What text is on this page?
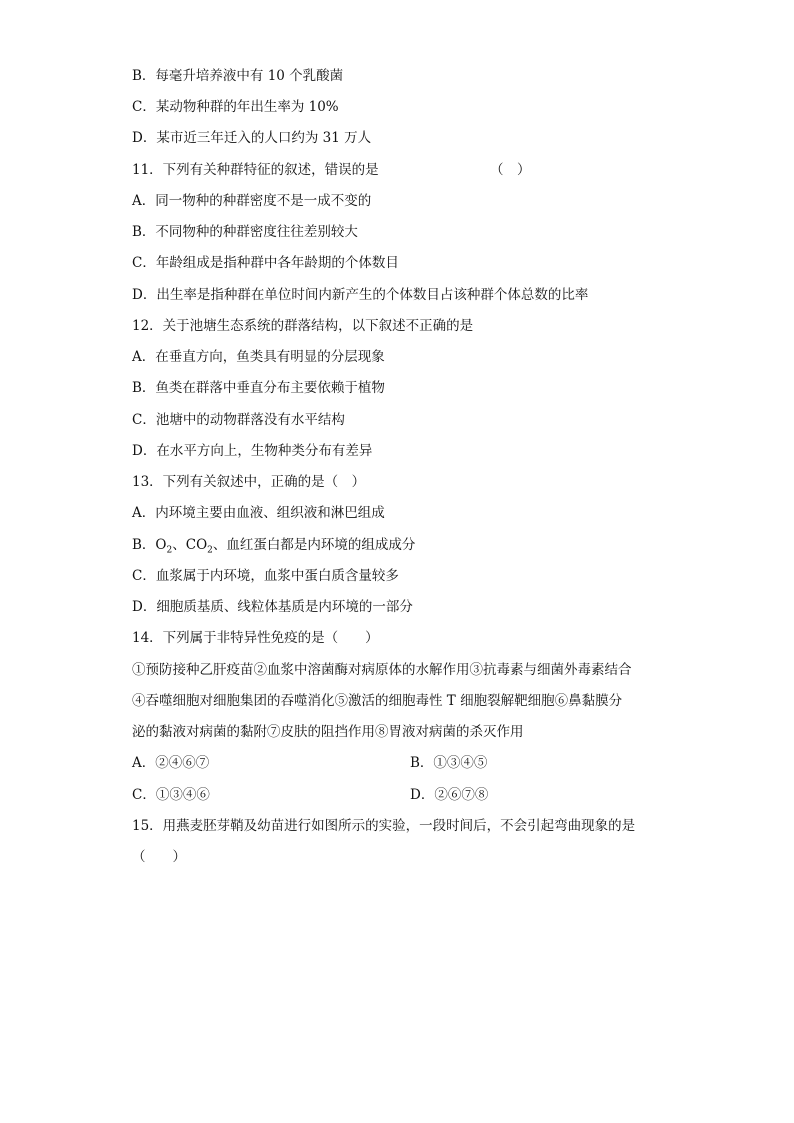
B．每毫升培养液中有 10 个乳酸菌
C．某动物种群的年出生率为 10%
D．某市近三年迁入的人口约为 31 万人
11．下列有关种群特征的叙述，错误的是	（　）
A．同一物种的种群密度不是一成不变的
B．不同物种的种群密度往往差别较大
C．年龄组成是指种群中各年龄期的个体数目
D．出生率是指种群在单位时间内新产生的个体数目占该种群个体总数的比率
12．关于池塘生态系统的群落结构，以下叙述不正确的是
A．在垂直方向，鱼类具有明显的分层现象
B．鱼类在群落中垂直分布主要依赖于植物
C．池塘中的动物群落没有水平结构
D．在水平方向上，生物种类分布有差异
13．下列有关叙述中，正确的是（　）
A．内环境主要由血液、组织液和淋巴组成
B．$O_2$、$CO_2$、血红蛋白都是内环境的组成成分
C．血浆属于内环境，血浆中蛋白质含量较多
D．细胞质基质、线粒体基质是内环境的一部分
14．下列属于非特异性免疫的是（　　）
①预防接种乙肝疫苗②血浆中溶菌酶对病原体的水解作用③抗毒素与细菌外毒素结合
④吞噬细胞对细胞集团的吞噬消化⑤激活的细胞毒性 T 细胞裂解靶细胞⑥鼻黏膜分
泌的黏液对病菌的黏附⑦皮肤的阻挡作用⑧胃液对病菌的杀灭作用
A．②④⑥⑦	B．①③④⑤
C．①③④⑥	D．②⑥⑦⑧
15．用燕麦胚芽鞘及幼苗进行如图所示的实验，一段时间后，不会引起弯曲现象的是
（　　）
